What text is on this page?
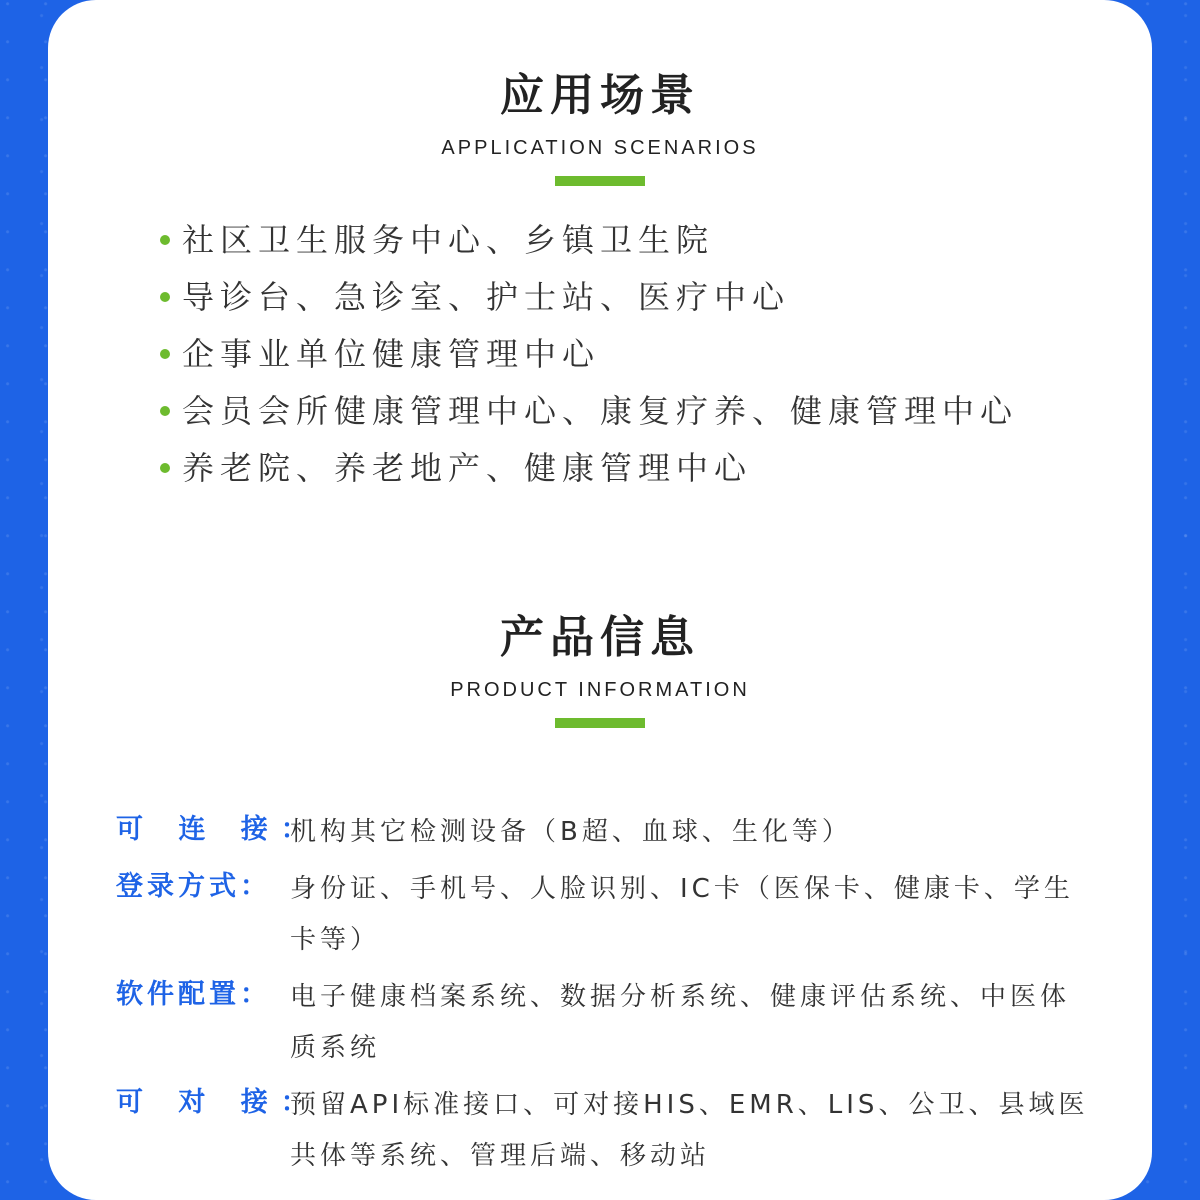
应用场景
APPLICATION SCENARIOS
社区卫生服务中心、乡镇卫生院
导诊台、急诊室、护士站、医疗中心
企事业单位健康管理中心
会员会所健康管理中心、康复疗养、健康管理中心
养老院、养老地产、健康管理中心
产品信息
PRODUCT INFORMATION
可 连 接：
机构其它检测设备（B超、血球、生化等）
登录方式： 身份证、手机号、人脸识别、IC卡（医保卡、健康卡、学生卡等）
软件配置： 电子健康档案系统、数据分析系统、健康评估系统、中医体质系统
可 对 接：
预留API标准接口、可对接HIS、EMR、LIS、公卫、县域医共体等系统、管理后端、移动站
